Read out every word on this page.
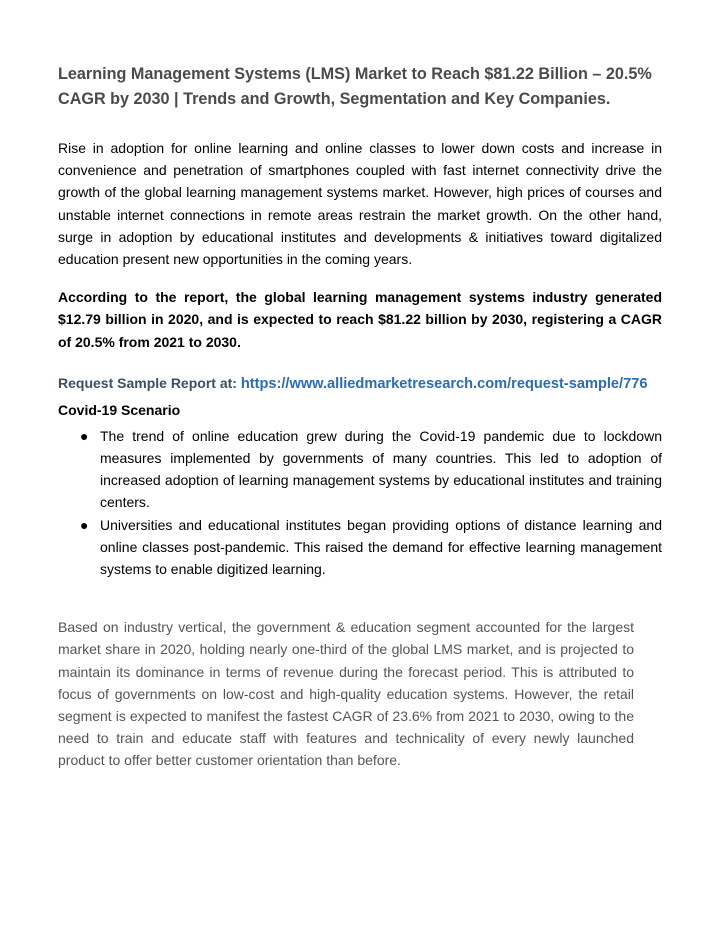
Learning Management Systems (LMS) Market to Reach $81.22 Billion – 20.5% CAGR by 2030 | Trends and Growth, Segmentation and Key Companies.

Rise in adoption for online learning and online classes to lower down costs and increase in convenience and penetration of smartphones coupled with fast internet connectivity drive the growth of the global learning management systems market. However, high prices of courses and unstable internet connections in remote areas restrain the market growth. On the other hand, surge in adoption by educational institutes and developments & initiatives toward digitalized education present new opportunities in the coming years.

According to the report, the global learning management systems industry generated $12.79 billion in 2020, and is expected to reach $81.22 billion by 2030, registering a CAGR of 20.5% from 2021 to 2030.

Request Sample Report at: https://www.alliedmarketresearch.com/request-sample/776
Covid-19 Scenario
● The trend of online education grew during the Covid-19 pandemic due to lockdown measures implemented by governments of many countries. This led to adoption of increased adoption of learning management systems by educational institutes and training centers.
● Universities and educational institutes began providing options of distance learning and online classes post-pandemic. This raised the demand for effective learning management systems to enable digitized learning.

Based on industry vertical, the government & education segment accounted for the largest market share in 2020, holding nearly one-third of the global LMS market, and is projected to maintain its dominance in terms of revenue during the forecast period. This is attributed to focus of governments on low-cost and high-quality education systems. However, the retail segment is expected to manifest the fastest CAGR of 23.6% from 2021 to 2030, owing to the need to train and educate staff with features and technicality of every newly launched product to offer better customer orientation than before.
